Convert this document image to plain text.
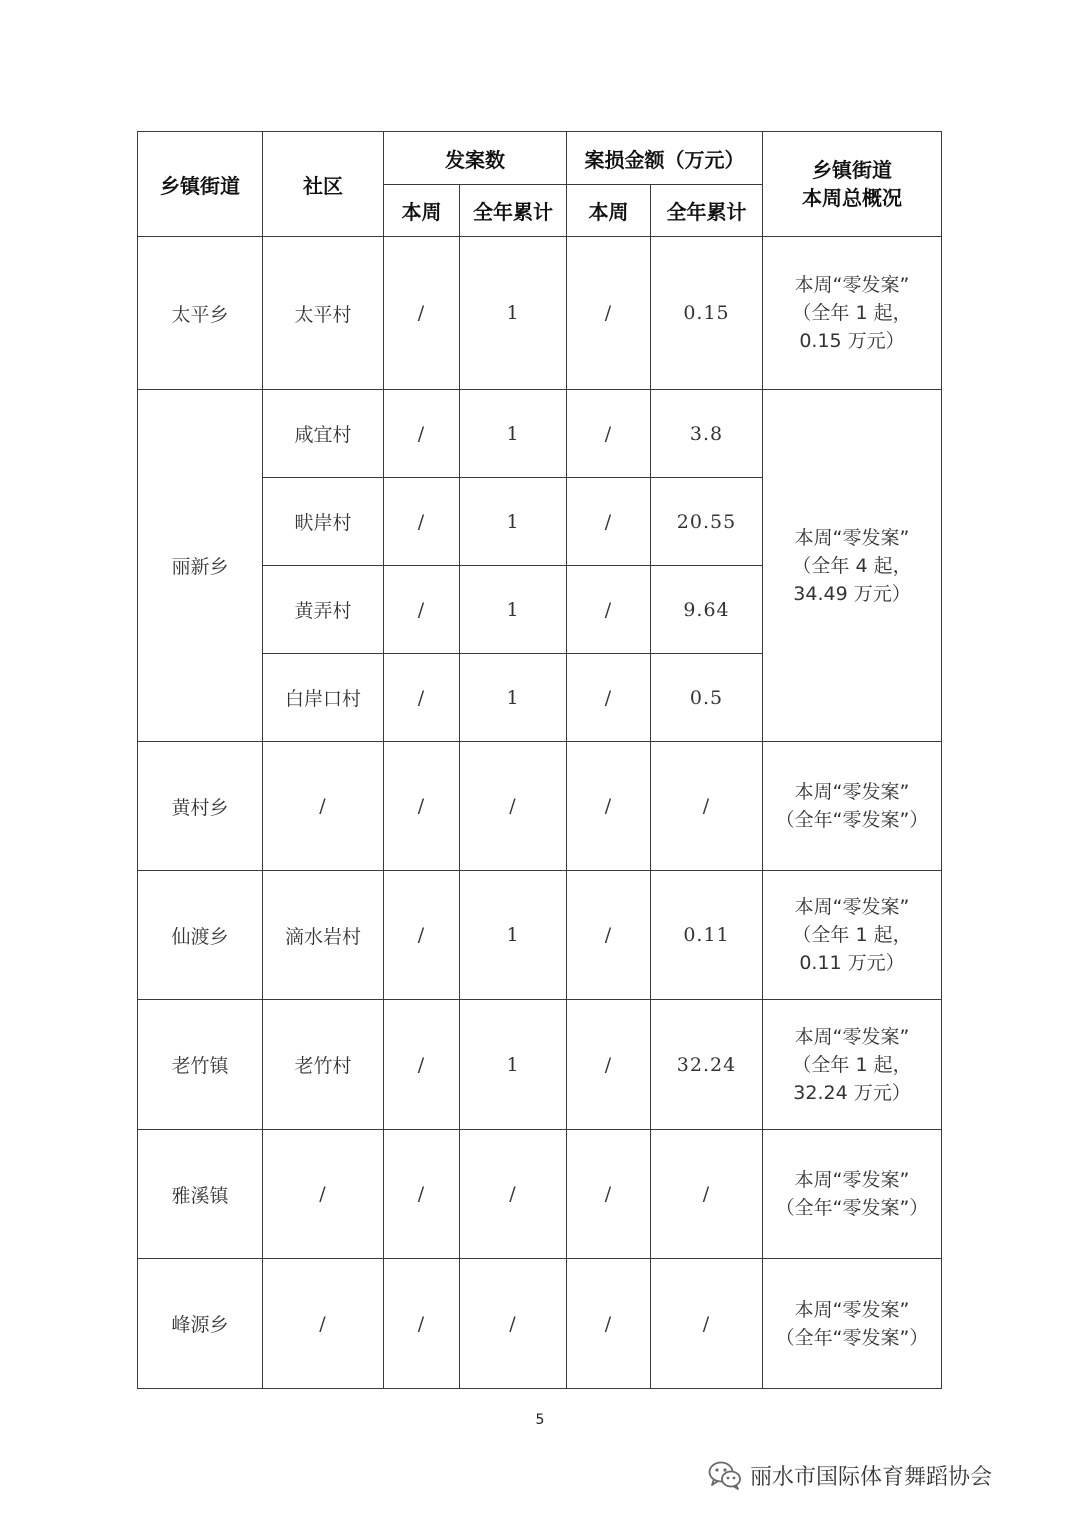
乡镇街道	社区	发案数		案损金额（万元）		乡镇街道
本周总概况

		本周	全年累计	本周	全年累计	
太平乡	太平村	/	1	/	0.15	本周“零发案”
（全年 1 起，
0.15 万元）

丽新乡	咸宜村	/	1	/	3.8	本周“零发案”
（全年 4 起，
34.49 万元）

	畎岸村	/	1	/	20.55	
	黄弄村	/	1	/	9.64	
	白岸口村	/	1	/	0.5	
黄村乡	/	/	/	/	/	本周“零发案”
（全年“零发案”）

仙渡乡	滴水岩村	/	1	/	0.11	本周“零发案”
（全年 1 起，
0.11 万元）

老竹镇	老竹村	/	1	/	32.24	本周“零发案”
（全年 1 起，
32.24 万元）

雅溪镇	/	/	/	/	/	本周“零发案”
（全年“零发案”）

峰源乡	/	/	/	/	/	本周“零发案”
（全年“零发案”）
5
丽水市国际体育舞蹈协会
